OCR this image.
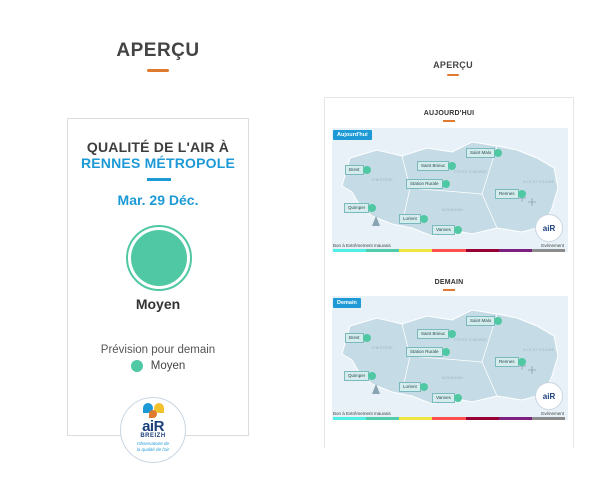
APERÇU
QUALITÉ DE L'AIR À
RENNES MÉTROPOLE
Mar. 29 Déc.
Moyen
Prévision pour demain
Moyen
aiR
BREIZH
Observatoire de
la qualité de l'air
APERÇU
AUJOURD'HUI
Aujourd'hui
FINISTÈRE
CÔTES D'ARMOR
ILLE ET VILAINE
MORBIHAN
Brest
Saint Brieuc
Saint Malo
Station Rurale
Rennes
Quimper
Lorient
Vannes	aiR
Bon à Extrêmement mauvais	Evénement
DEMAIN
Demain
FINISTÈRE
CÔTES D'ARMOR
ILLE ET VILAINE
MORBIHAN
Brest
Saint Brieuc
Saint Malo
Station Rurale
Rennes
Quimper
Lorient
Vannes	aiR
Bon à Extrêmement mauvais	Evénement
